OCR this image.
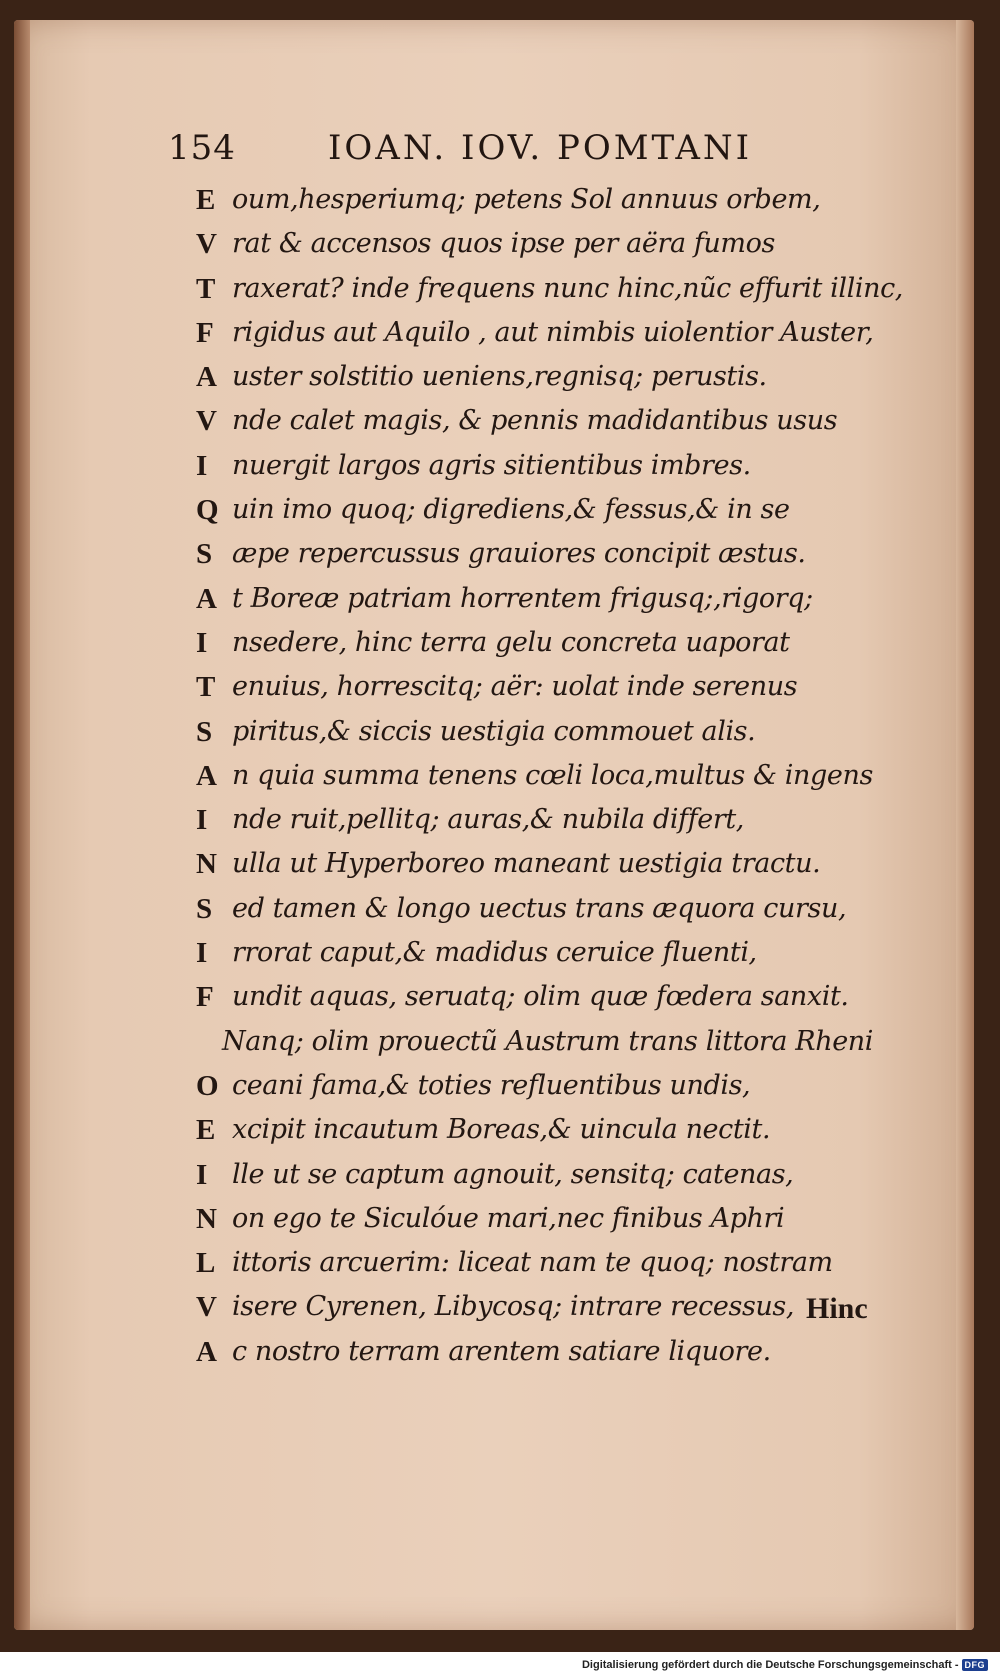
154	IOAN. IOV. POMTANI
E oum,hesperiumq; petens Sol annuus orbem,
V rat & accensos quos ipse per aëra fumos
T raxerat? inde frequens nunc hinc,nũc effurit illinc,
F rigidus aut Aquilo , aut nimbis uiolentior Auster,
A uster solstitio ueniens,regnisq; perustis.
V nde calet magis, & pennis madidantibus usus
I nuergit largos agris sitientibus imbres.
Q uin imo quoq; digrediens,& fessus,& in se
S æpe repercussus grauiores concipit æstus.
A t Boreæ patriam horrentem frigusq;,rigorq;
I nsedere, hinc terra gelu concreta uaporat
T enuius, horrescitq; aër: uolat inde serenus
S piritus,& siccis uestigia commouet alis.
A n quia summa tenens cœli loca,multus & ingens
I nde ruit,pellitq; auras,& nubila differt,
N ulla ut Hyperboreo maneant uestigia tractu.
S ed tamen & longo uectus trans æquora cursu,
I rrorat caput,& madidus ceruice fluenti,
F undit aquas, seruatq; olim quæ fœdera sanxit.
Nanq; olim prouectũ Austrum trans littora Rheni
O ceani fama,& toties refluentibus undis,
E xcipit incautum Boreas,& uincula nectit.
I lle ut se captum agnouit, sensitq; catenas,
N on ego te Siculóue mari,nec finibus Aphri
L ittoris arcuerim: liceat nam te quoq; nostram
V isere Cyrenen, Libycosq; intrare recessus,
A c nostro terram arentem satiare liquore.
Hinc
Digitalisierung gefördert durch die Deutsche Forschungsgemeinschaft - DFG
